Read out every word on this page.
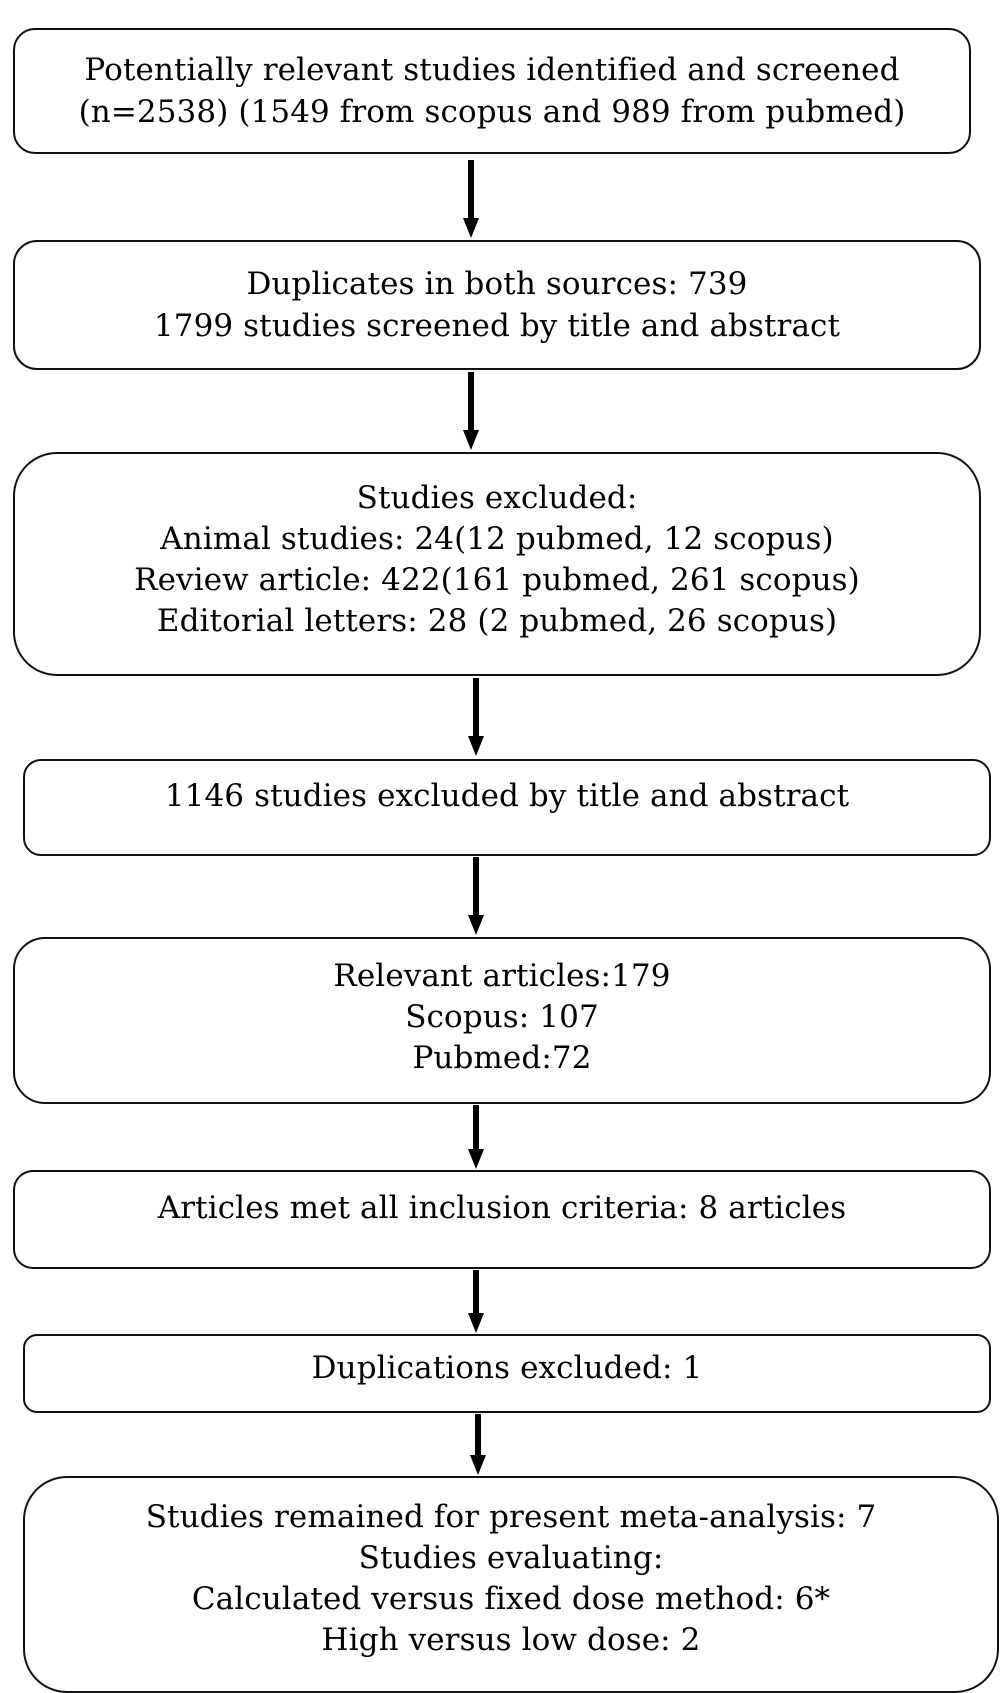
Potentially relevant studies identified and screened
(n=2538) (1549 from scopus and 989 from pubmed)
Duplicates in both sources: 739
1799 studies screened by title and abstract
Studies excluded:
Animal studies: 24(12 pubmed, 12 scopus)
Review article: 422(161 pubmed, 261 scopus)
Editorial letters: 28 (2 pubmed, 26 scopus)
1146 studies excluded by title and abstract
Relevant articles:179
Scopus: 107
Pubmed:72
Articles met all inclusion criteria: 8 articles
Duplications excluded: 1
Studies remained for present meta-analysis: 7
Studies evaluating:
Calculated versus fixed dose method: 6*
High versus low dose: 2
